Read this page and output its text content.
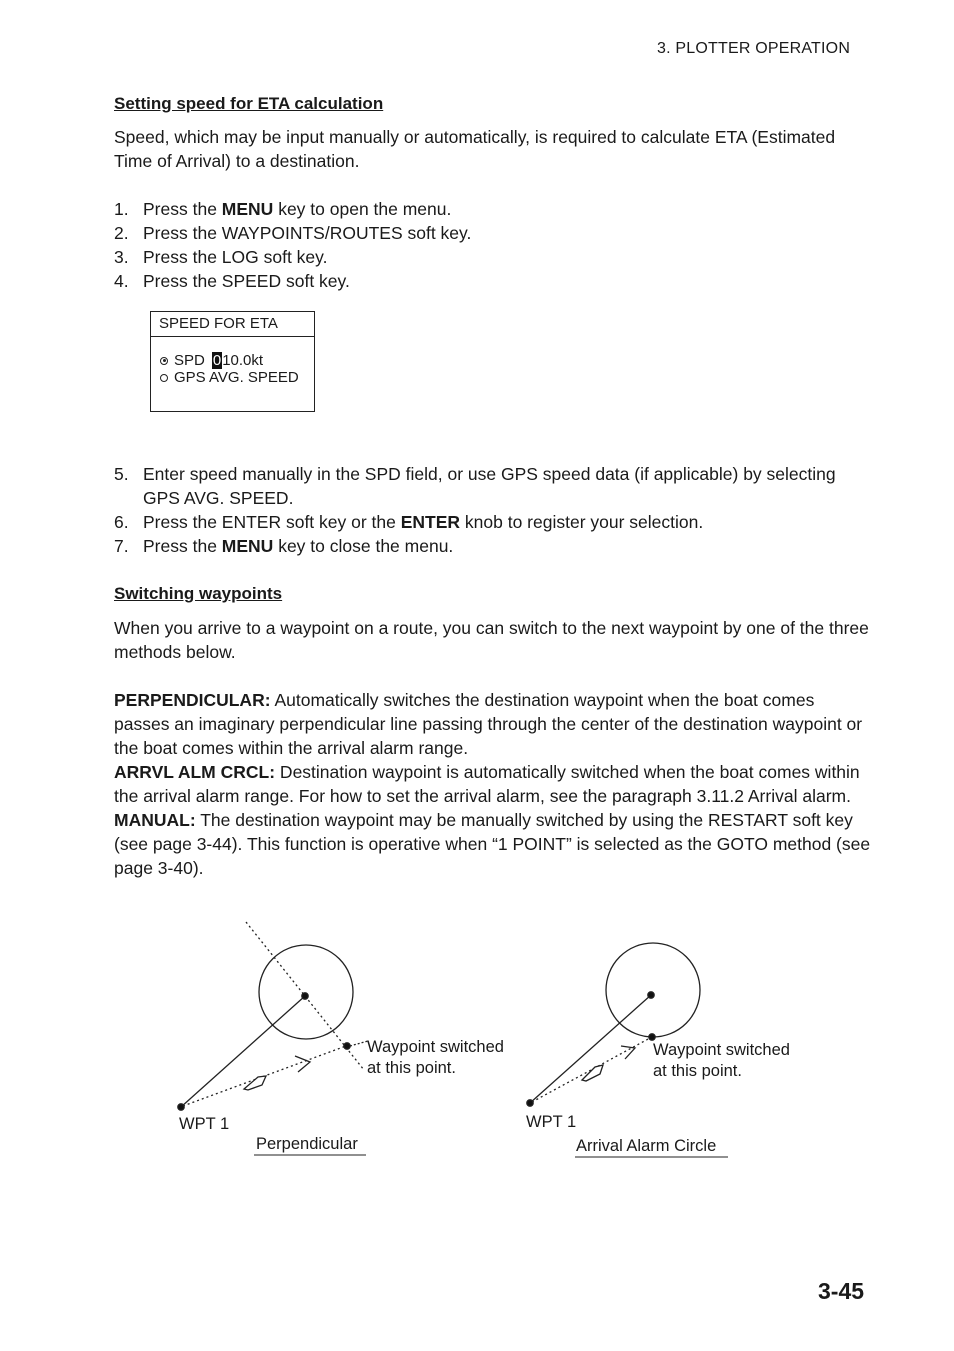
3. PLOTTER OPERATION
Setting speed for ETA calculation
Speed, which may be input manually or automatically, is required to calculate ETA (Estimated Time of Arrival) to a destination.
1. Press the MENU key to open the menu.
2. Press the WAYPOINTS/ROUTES soft key.
3. Press the LOG soft key.
4. Press the SPEED soft key.
SPEED FOR ETA
SPD 0 10.0kt
GPS AVG. SPEED
5. Enter speed manually in the SPD field, or use GPS speed data (if applicable) by selecting GPS AVG. SPEED.
6. Press the ENTER soft key or the ENTER knob to register your selection.
7. Press the MENU key to close the menu.
Switching waypoints
When you arrive to a waypoint on a route, you can switch to the next waypoint by one of the three methods below.
PERPENDICULAR: Automatically switches the destination waypoint when the boat comes passes an imaginary perpendicular line passing through the center of the destination waypoint or the boat comes within the arrival alarm range.
ARRVL ALM CRCL: Destination waypoint is automatically switched when the boat comes within the arrival alarm range. For how to set the arrival alarm, see the paragraph 3.11.2 Arrival alarm.
MANUAL: The destination waypoint may be manually switched by using the RESTART soft key (see page 3-44). This function is operative when “1 POINT” is selected as the GOTO method (see page 3-40).
Waypoint switched
at this point.
WPT 1
Perpendicular
Waypoint switched
at this point.
WPT 1
Arrival Alarm Circle
3-45
